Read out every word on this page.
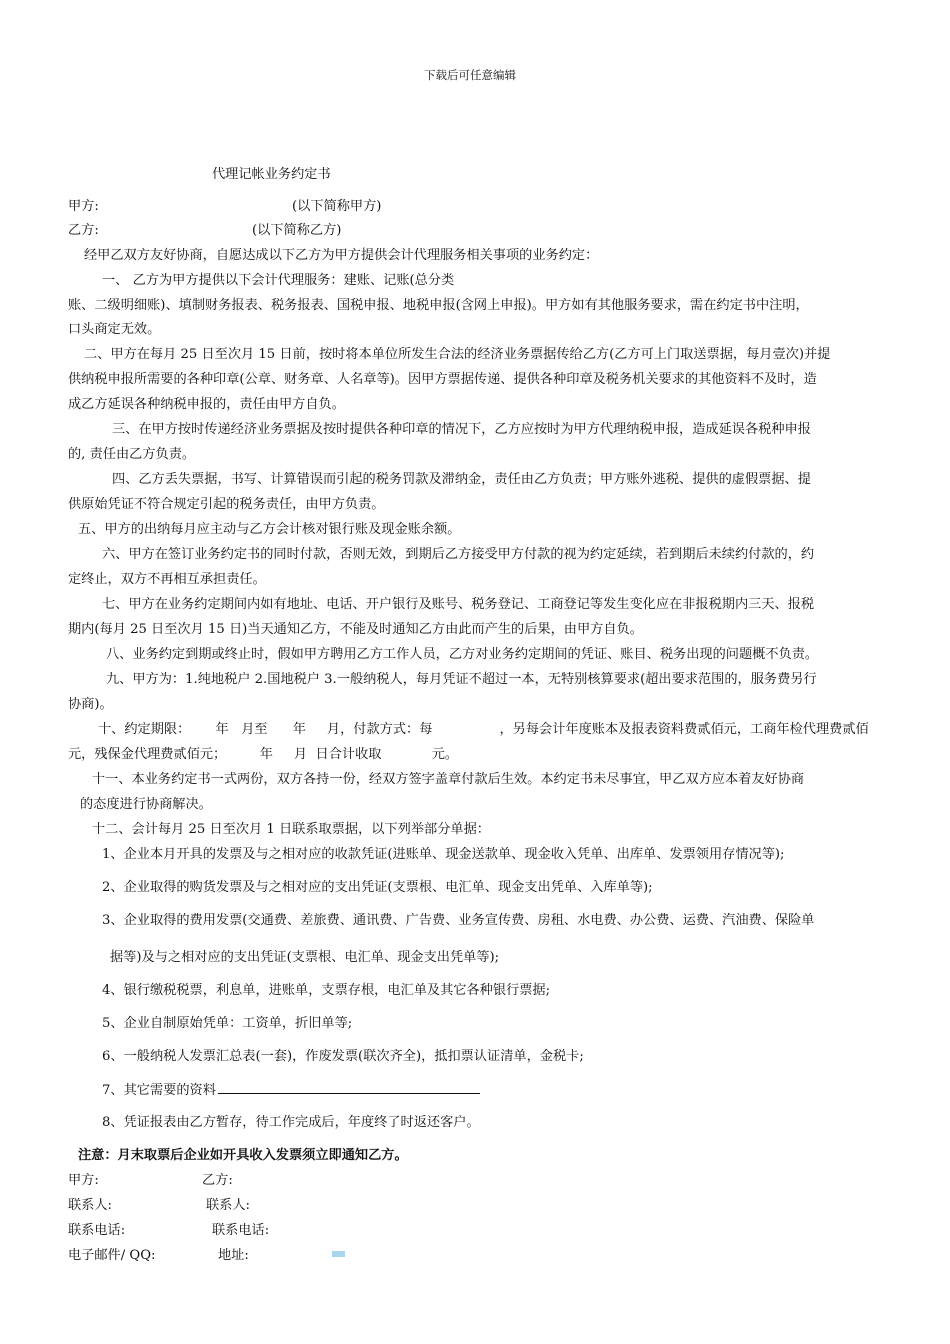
下载后可任意编辑
代理记帐业务约定书
甲方:	(以下简称甲方)
乙方:	(以下简称乙方)
经甲乙双方友好协商，自愿达成以下乙方为甲方提供会计代理服务相关事项的业务约定：
一、 乙方为甲方提供以下会计代理服务：建账、记账(总分类
账、二级明细账)、填制财务报表、税务报表、国税申报、地税申报(含网上申报)。甲方如有其他服务要求，需在约定书中注明，
口头商定无效。
二、甲方在每月 25 日至次月 15 日前，按时将本单位所发生合法的经济业务票据传给乙方(乙方可上门取送票据，每月壹次)并提
供纳税申报所需要的各种印章(公章、财务章、人名章等)。因甲方票据传递、提供各种印章及税务机关要求的其他资料不及时，造
成乙方延误各种纳税申报的，责任由甲方自负。
三、在甲方按时传递经济业务票据及按时提供各种印章的情况下，乙方应按时为甲方代理纳税申报，造成延误各税种申报
的, 责任由乙方负责。
四、乙方丢失票据，书写、计算错误而引起的税务罚款及滞纳金，责任由乙方负责；甲方账外逃税、提供的虚假票据、提
供原始凭证不符合规定引起的税务责任，由甲方负责。
五、甲方的出纳每月应主动与乙方会计核对银行账及现金账余额。
六、甲方在签订业务约定书的同时付款，否则无效，到期后乙方接受甲方付款的视为约定延续，若到期后未续约付款的，约
定终止，双方不再相互承担责任。
七、甲方在业务约定期间内如有地址、电话、开户银行及账号、税务登记、工商登记等发生变化应在非报税期内三天、报税
期内(每月 25 日至次月 15 日)当天通知乙方，不能及时通知乙方由此而产生的后果，由甲方自负。
八、业务约定到期或终止时，假如甲方聘用乙方工作人员，乙方对业务约定期间的凭证、账目、税务出现的问题概不负责。
九、甲方为：1.纯地税户 2.国地税户 3.一般纳税人，每月凭证不超过一本，无特别核算要求(超出要求范围的，服务费另行
协商)。
十、约定期限：      年   月至      年     月，付款方式：每                ，另每会计年度账本及报表资料费贰佰元，工商年检代理费贰佰
元，残保金代理费贰佰元；        年     月  日合计收取            元。
十一、本业务约定书一式两份，双方各持一份，经双方签字盖章付款后生效。本约定书未尽事宜，甲乙双方应本着友好协商
的态度进行协商解决。
十二、会计每月 25 日至次月 1 日联系取票据，以下列举部分单据：
1、企业本月开具的发票及与之相对应的收款凭证(进账单、现金送款单、现金收入凭单、出库单、发票领用存情况等);
2、企业取得的购货发票及与之相对应的支出凭证(支票根、电汇单、现金支出凭单、入库单等);
3、企业取得的费用发票(交通费、差旅费、通讯费、广告费、业务宣传费、房租、水电费、办公费、运费、汽油费、保险单
据等)及与之相对应的支出凭证(支票根、电汇单、现金支出凭单等);
4、银行缴税税票，利息单，进账单，支票存根，电汇单及其它各种银行票据;
5、企业自制原始凭单：工资单，折旧单等;
6、一般纳税人发票汇总表(一套)，作废发票(联次齐全)，抵扣票认证清单，金税卡;
7、其它需要的资料
8、凭证报表由乙方暂存，待工作完成后，年度终了时返还客户。
注意：月末取票后企业如开具收入发票须立即通知乙方。
甲方:	乙方:
联系人:	联系人:
联系电话:	联系电话:
电子邮件/ QQ:	地址:
